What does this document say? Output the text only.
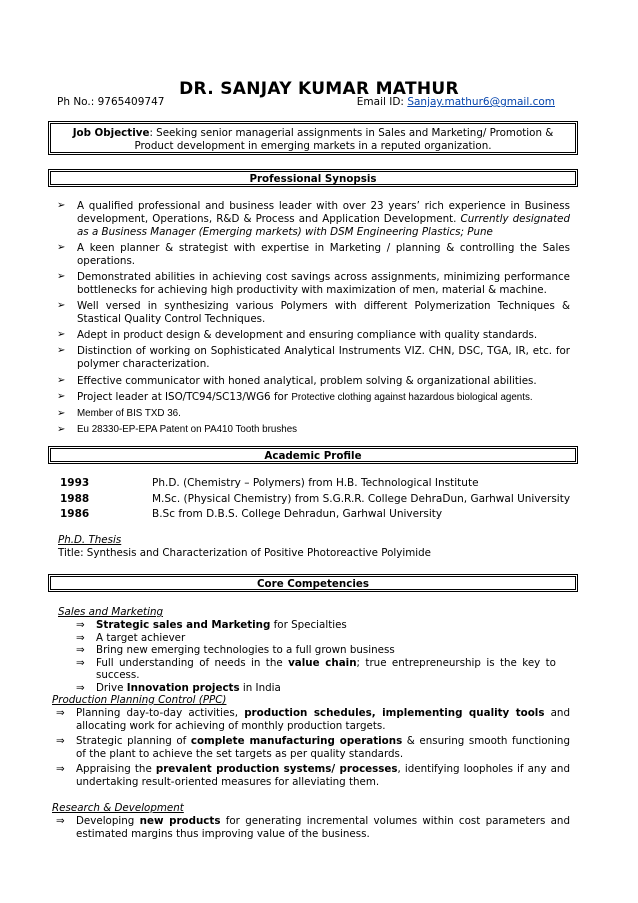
DR. SANJAY KUMAR MATHUR
Ph No.: 9765409747	Email ID: Sanjay.mathur6@gmail.com
Job Objective: Seeking senior managerial assignments in Sales and Marketing/ Promotion & Product development in emerging markets in a reputed organization.
Professional Synopsis
➢ A qualified professional and business leader with over 23 years’ rich experience in Business development, Operations, R&D & Process and Application Development. Currently designated as a Business Manager (Emerging markets) with DSM Engineering Plastics; Pune
➢ A keen planner & strategist with expertise in Marketing / planning & controlling the Sales operations.
➢ Demonstrated abilities in achieving cost savings across assignments, minimizing performance bottlenecks for achieving high productivity with maximization of men, material & machine.
➢ Well versed in synthesizing various Polymers with different Polymerization Techniques & Stastical Quality Control Techniques.
➢ Adept in product design & development and ensuring compliance with quality standards.
➢ Distinction of working on Sophisticated Analytical Instruments VIZ. CHN, DSC, TGA, IR, etc. for polymer characterization.
➢ Effective communicator with honed analytical, problem solving & organizational abilities.
➢ Project leader at ISO/TC94/SC13/WG6 for Protective clothing against hazardous biological agents.
➢ Member of BIS TXD 36.
➢ Eu 28330-EP-EPA Patent on PA410 Tooth brushes
Academic Profile
1993	Ph.D. (Chemistry – Polymers) from H.B. Technological Institute
1988	M.Sc. (Physical Chemistry) from S.G.R.R. College DehraDun, Garhwal University
1986	B.Sc from D.B.S. College Dehradun, Garhwal University
Ph.D. Thesis
Title: Synthesis and Characterization of Positive Photoreactive Polyimide
Core Competencies
Sales and Marketing
⇒ Strategic sales and Marketing for Specialties
⇒ A target achiever
⇒ Bring new emerging technologies to a full grown business
⇒ Full understanding of needs in the value chain; true entrepreneurship is the key to success.
⇒ Drive Innovation projects in India
Production Planning Control (PPC)
⇒ Planning day-to-day activities, production schedules, implementing quality tools and allocating work for achieving of monthly production targets.
⇒ Strategic planning of complete manufacturing operations & ensuring smooth functioning of the plant to achieve the set targets as per quality standards.
⇒ Appraising the prevalent production systems/ processes, identifying loopholes if any and undertaking result-oriented measures for alleviating them.
Research & Development
⇒ Developing new products for generating incremental volumes within cost parameters and estimated margins thus improving value of the business.
